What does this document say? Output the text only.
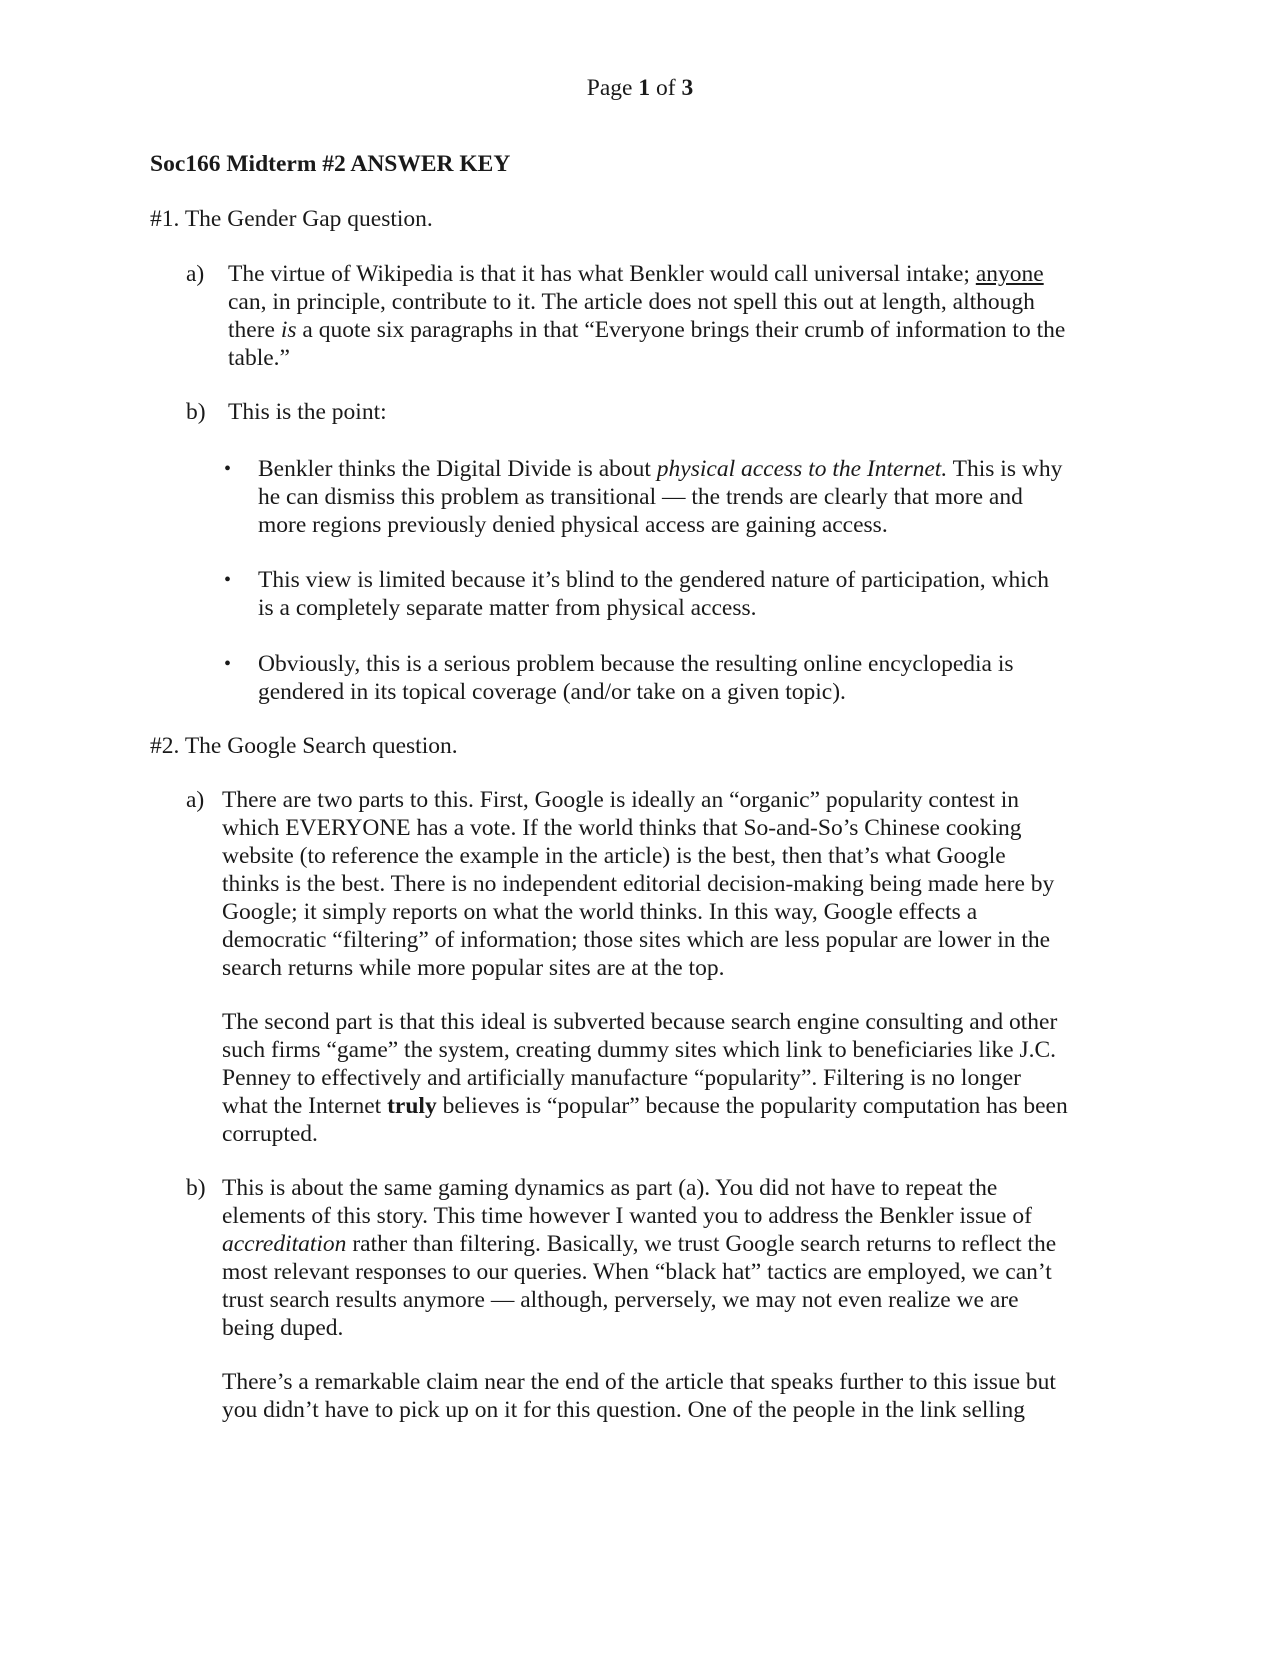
Page 1 of 3
Soc166 Midterm #2 ANSWER KEY
#1. The Gender Gap question.
a) The virtue of Wikipedia is that it has what Benkler would call universal intake; anyone
can, in principle, contribute to it. The article does not spell this out at length, although
there is a quote six paragraphs in that “Everyone brings their crumb of information to the
table.”
b) This is the point:
• Benkler thinks the Digital Divide is about physical access to the Internet. This is why
he can dismiss this problem as transitional — the trends are clearly that more and
more regions previously denied physical access are gaining access.
• This view is limited because it’s blind to the gendered nature of participation, which
is a completely separate matter from physical access.
• Obviously, this is a serious problem because the resulting online encyclopedia is
gendered in its topical coverage (and/or take on a given topic).
#2. The Google Search question.
a) There are two parts to this. First, Google is ideally an “organic” popularity contest in
which EVERYONE has a vote. If the world thinks that So-and-So’s Chinese cooking
website (to reference the example in the article) is the best, then that’s what Google
thinks is the best. There is no independent editorial decision-making being made here by
Google; it simply reports on what the world thinks. In this way, Google effects a
democratic “filtering” of information; those sites which are less popular are lower in the
search returns while more popular sites are at the top.
The second part is that this ideal is subverted because search engine consulting and other
such firms “game” the system, creating dummy sites which link to beneficiaries like J.C.
Penney to effectively and artificially manufacture “popularity”. Filtering is no longer
what the Internet truly believes is “popular” because the popularity computation has been
corrupted.
b) This is about the same gaming dynamics as part (a). You did not have to repeat the
elements of this story. This time however I wanted you to address the Benkler issue of
accreditation rather than filtering. Basically, we trust Google search returns to reflect the
most relevant responses to our queries. When “black hat” tactics are employed, we can’t
trust search results anymore — although, perversely, we may not even realize we are
being duped.
There’s a remarkable claim near the end of the article that speaks further to this issue but
you didn’t have to pick up on it for this question. One of the people in the link selling
